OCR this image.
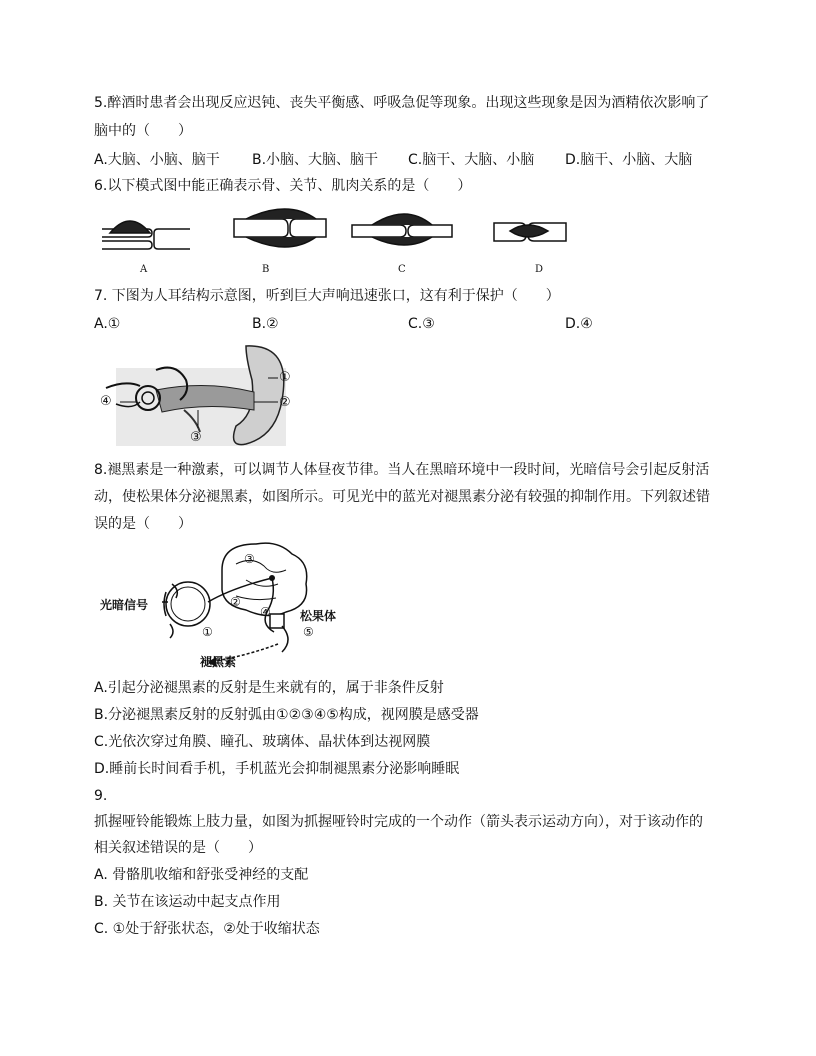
5.醉酒时患者会出现反应迟钝、丧失平衡感、呼吸急促等现象。出现这些现象是因为酒精依次影响了
脑中的（　　）
A.大脑、小脑、脑干 B.小脑、大脑、脑干 C.脑干、大脑、小脑 D.脑干、小脑、大脑
6.以下模式图中能正确表示骨、关节、肌肉关系的是（　　）
A	B	C	D
7. 下图为人耳结构示意图，听到巨大声响迅速张口，这有利于保护（　　）
A.①	B.②	C.③	D.④
①
②
③
④
8.褪黑素是一种激素，可以调节人体昼夜节律。当人在黑暗环境中一段时间，光暗信号会引起反射活
动，使松果体分泌褪黑素，如图所示。可见光中的蓝光对褪黑素分泌有较强的抑制作用。下列叙述错
误的是（　　）
光暗信号
松果体
褪黑素
①
②
③
④
⑤
A.引起分泌褪黑素的反射是生来就有的，属于非条件反射
B.分泌褪黑素反射的反射弧由①②③④⑤构成，视网膜是感受器
C.光依次穿过角膜、瞳孔、玻璃体、晶状体到达视网膜
D.睡前长时间看手机，手机蓝光会抑制褪黑素分泌影响睡眠
9.
抓握哑铃能锻炼上肢力量，如图为抓握哑铃时完成的一个动作（箭头表示运动方向），对于该动作的
相关叙述错误的是（　　）
A. 骨骼肌收缩和舒张受神经的支配
B. 关节在该运动中起支点作用
C. ①处于舒张状态，②处于收缩状态
